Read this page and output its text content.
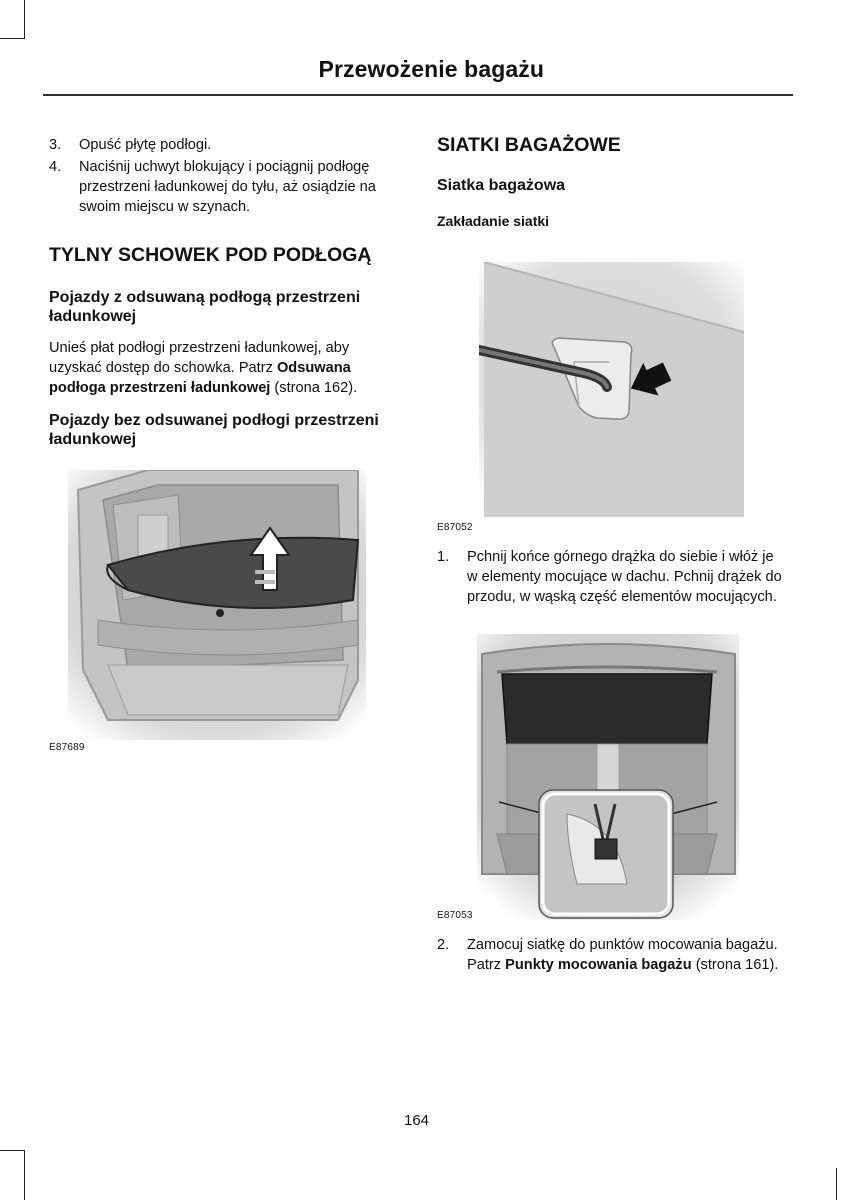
Przewożenie bagażu
3. Opuść płytę podłogi.
4. Naciśnij uchwyt blokujący i pociągnij podłogę przestrzeni ładunkowej do tyłu, aż osiądzie na swoim miejscu w szynach.
TYLNY SCHOWEK POD PODŁOGĄ
Pojazdy z odsuwaną podłogą przestrzeni ładunkowej
Unieś płat podłogi przestrzeni ładunkowej, aby uzyskać dostęp do schowka. Patrz Odsuwana podłoga przestrzeni ładunkowej (strona 162).
Pojazdy bez odsuwanej podłogi przestrzeni ładunkowej
E87689
SIATKI BAGAŻOWE
Siatka bagażowa
Zakładanie siatki
E87052
1. Pchnij końce górnego drążka do siebie i włóż je w elementy mocujące w dachu. Pchnij drążek do przodu, w wąską część elementów mocujących.
E87053
2. Zamocuj siatkę do punktów mocowania bagażu. Patrz Punkty mocowania bagażu (strona 161).
164
